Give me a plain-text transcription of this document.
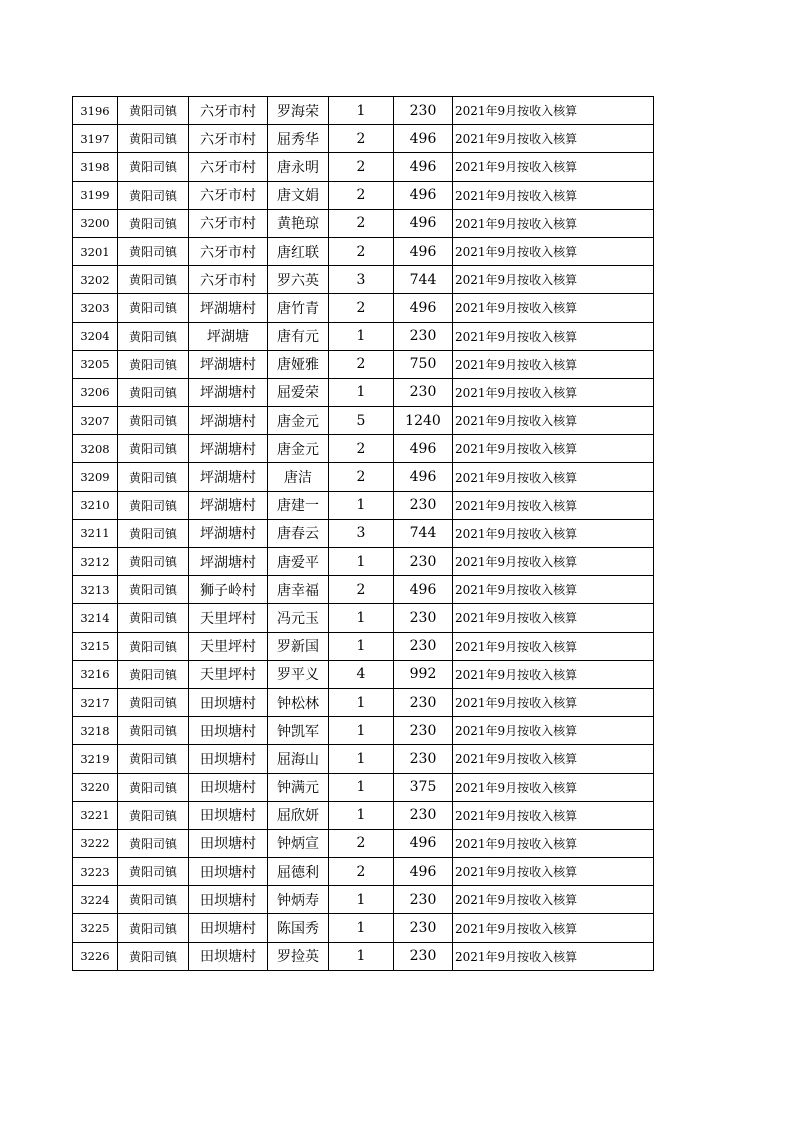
3196	黄阳司镇	六牙市村	罗海荣	1	230	2021年9月按收入核算
3197	黄阳司镇	六牙市村	屈秀华	2	496	2021年9月按收入核算
3198	黄阳司镇	六牙市村	唐永明	2	496	2021年9月按收入核算
3199	黄阳司镇	六牙市村	唐文娟	2	496	2021年9月按收入核算
3200	黄阳司镇	六牙市村	黄艳琼	2	496	2021年9月按收入核算
3201	黄阳司镇	六牙市村	唐红联	2	496	2021年9月按收入核算
3202	黄阳司镇	六牙市村	罗六英	3	744	2021年9月按收入核算
3203	黄阳司镇	坪湖塘村	唐竹青	2	496	2021年9月按收入核算
3204	黄阳司镇	坪湖塘	唐有元	1	230	2021年9月按收入核算
3205	黄阳司镇	坪湖塘村	唐娅雅	2	750	2021年9月按收入核算
3206	黄阳司镇	坪湖塘村	屈爱荣	1	230	2021年9月按收入核算
3207	黄阳司镇	坪湖塘村	唐金元	5	1240	2021年9月按收入核算
3208	黄阳司镇	坪湖塘村	唐金元	2	496	2021年9月按收入核算
3209	黄阳司镇	坪湖塘村	唐洁	2	496	2021年9月按收入核算
3210	黄阳司镇	坪湖塘村	唐建一	1	230	2021年9月按收入核算
3211	黄阳司镇	坪湖塘村	唐春云	3	744	2021年9月按收入核算
3212	黄阳司镇	坪湖塘村	唐爱平	1	230	2021年9月按收入核算
3213	黄阳司镇	狮子岭村	唐幸福	2	496	2021年9月按收入核算
3214	黄阳司镇	天里坪村	冯元玉	1	230	2021年9月按收入核算
3215	黄阳司镇	天里坪村	罗新国	1	230	2021年9月按收入核算
3216	黄阳司镇	天里坪村	罗平义	4	992	2021年9月按收入核算
3217	黄阳司镇	田坝塘村	钟松林	1	230	2021年9月按收入核算
3218	黄阳司镇	田坝塘村	钟凯军	1	230	2021年9月按收入核算
3219	黄阳司镇	田坝塘村	屈海山	1	230	2021年9月按收入核算
3220	黄阳司镇	田坝塘村	钟满元	1	375	2021年9月按收入核算
3221	黄阳司镇	田坝塘村	屈欣妍	1	230	2021年9月按收入核算
3222	黄阳司镇	田坝塘村	钟炳宣	2	496	2021年9月按收入核算
3223	黄阳司镇	田坝塘村	屈德利	2	496	2021年9月按收入核算
3224	黄阳司镇	田坝塘村	钟炳寿	1	230	2021年9月按收入核算
3225	黄阳司镇	田坝塘村	陈国秀	1	230	2021年9月按收入核算
3226	黄阳司镇	田坝塘村	罗捡英	1	230	2021年9月按收入核算
